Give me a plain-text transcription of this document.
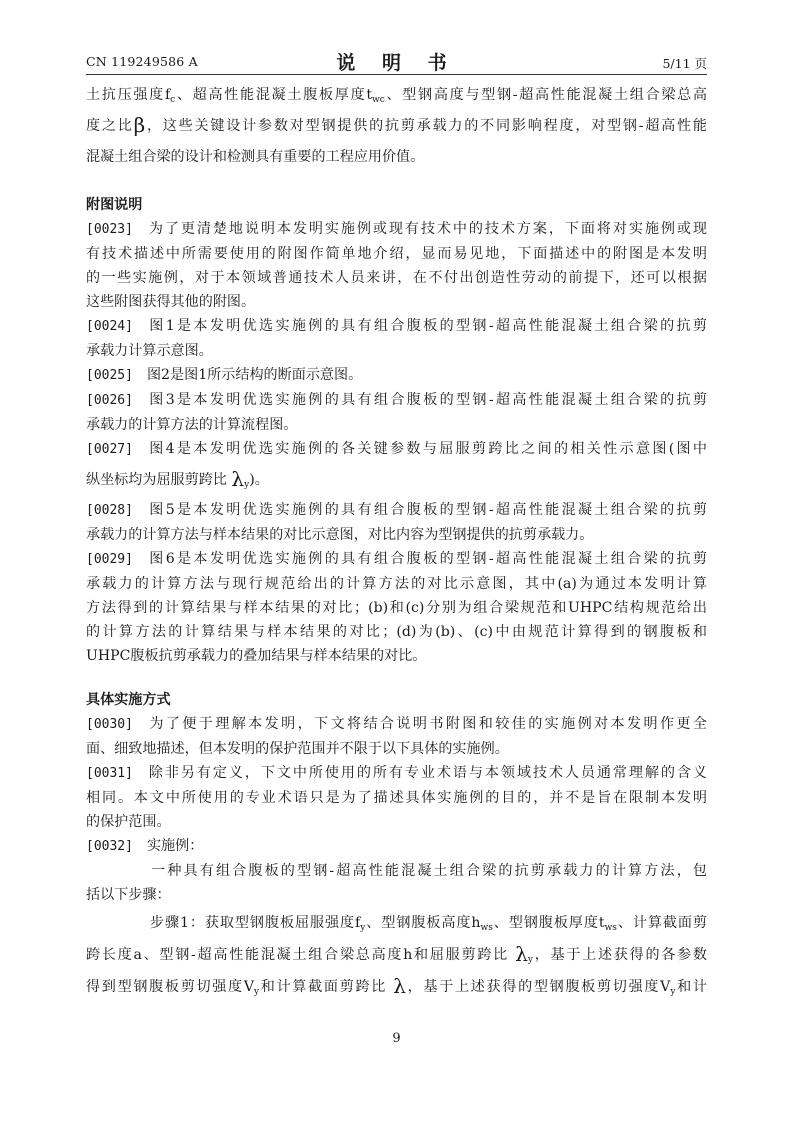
CN 119249586 A	说 明 书	5/11 页

土抗压强度$f_c$、超高性能混凝土腹板厚度$t_{wc}$、型钢高度与型钢-超高性能混凝土组合梁总高
度之比β，这些关键设计参数对型钢提供的抗剪承载力的不同影响程度，对型钢-超高性能
混凝土组合梁的设计和检测具有重要的工程应用价值。

附图说明

[0023] 为了更清楚地说明本发明实施例或现有技术中的技术方案，下面将对实施例或现
有技术描述中所需要使用的附图作简单地介绍，显而易见地，下面描述中的附图是本发明
的一些实施例，对于本领域普通技术人员来讲，在不付出创造性劳动的前提下，还可以根据
这些附图获得其他的附图。

[0024] 图1是本发明优选实施例的具有组合腹板的型钢-超高性能混凝土组合梁的抗剪
承载力计算示意图。

[0025] 图2是图1所示结构的断面示意图。

[0026] 图3是本发明优选实施例的具有组合腹板的型钢-超高性能混凝土组合梁的抗剪
承载力的计算方法的计算流程图。

[0027] 图4是本发明优选实施例的各关键参数与屈服剪跨比之间的相关性示意图(图中
纵坐标均为屈服剪跨比 $\lambda_y$)。

[0028] 图5是本发明优选实施例的具有组合腹板的型钢-超高性能混凝土组合梁的抗剪
承载力的计算方法与样本结果的对比示意图，对比内容为型钢提供的抗剪承载力。

[0029] 图6是本发明优选实施例的具有组合腹板的型钢-超高性能混凝土组合梁的抗剪
承载力的计算方法与现行规范给出的计算方法的对比示意图，其中(a)为通过本发明计算
方法得到的计算结果与样本结果的对比；(b)和(c)分别为组合梁规范和UHPC结构规范给出
的计算方法的计算结果与样本结果的对比；(d)为(b)、(c)中由规范计算得到的钢腹板和
UHPC腹板抗剪承载力的叠加结果与样本结果的对比。

具体实施方式

[0030] 为了便于理解本发明，下文将结合说明书附图和较佳的实施例对本发明作更全
面、细致地描述，但本发明的保护范围并不限于以下具体的实施例。

[0031] 除非另有定义，下文中所使用的所有专业术语与本领域技术人员通常理解的含义
相同。本文中所使用的专业术语只是为了描述具体实施例的目的，并不是旨在限制本发明
的保护范围。

[0032] 实施例：

一种具有组合腹板的型钢-超高性能混凝土组合梁的抗剪承载力的计算方法，包
括以下步骤：

步骤1：获取型钢腹板屈服强度$f_y$、型钢腹板高度$h_{ws}$、型钢腹板厚度$t_{ws}$、计算截面剪
跨长度a、型钢-超高性能混凝土组合梁总高度h和屈服剪跨比 $\lambda_y$，基于上述获得的各参数
得到型钢腹板剪切强度$V_y$和计算截面剪跨比 λ，基于上述获得的型钢腹板剪切强度$V_y$和计

9
